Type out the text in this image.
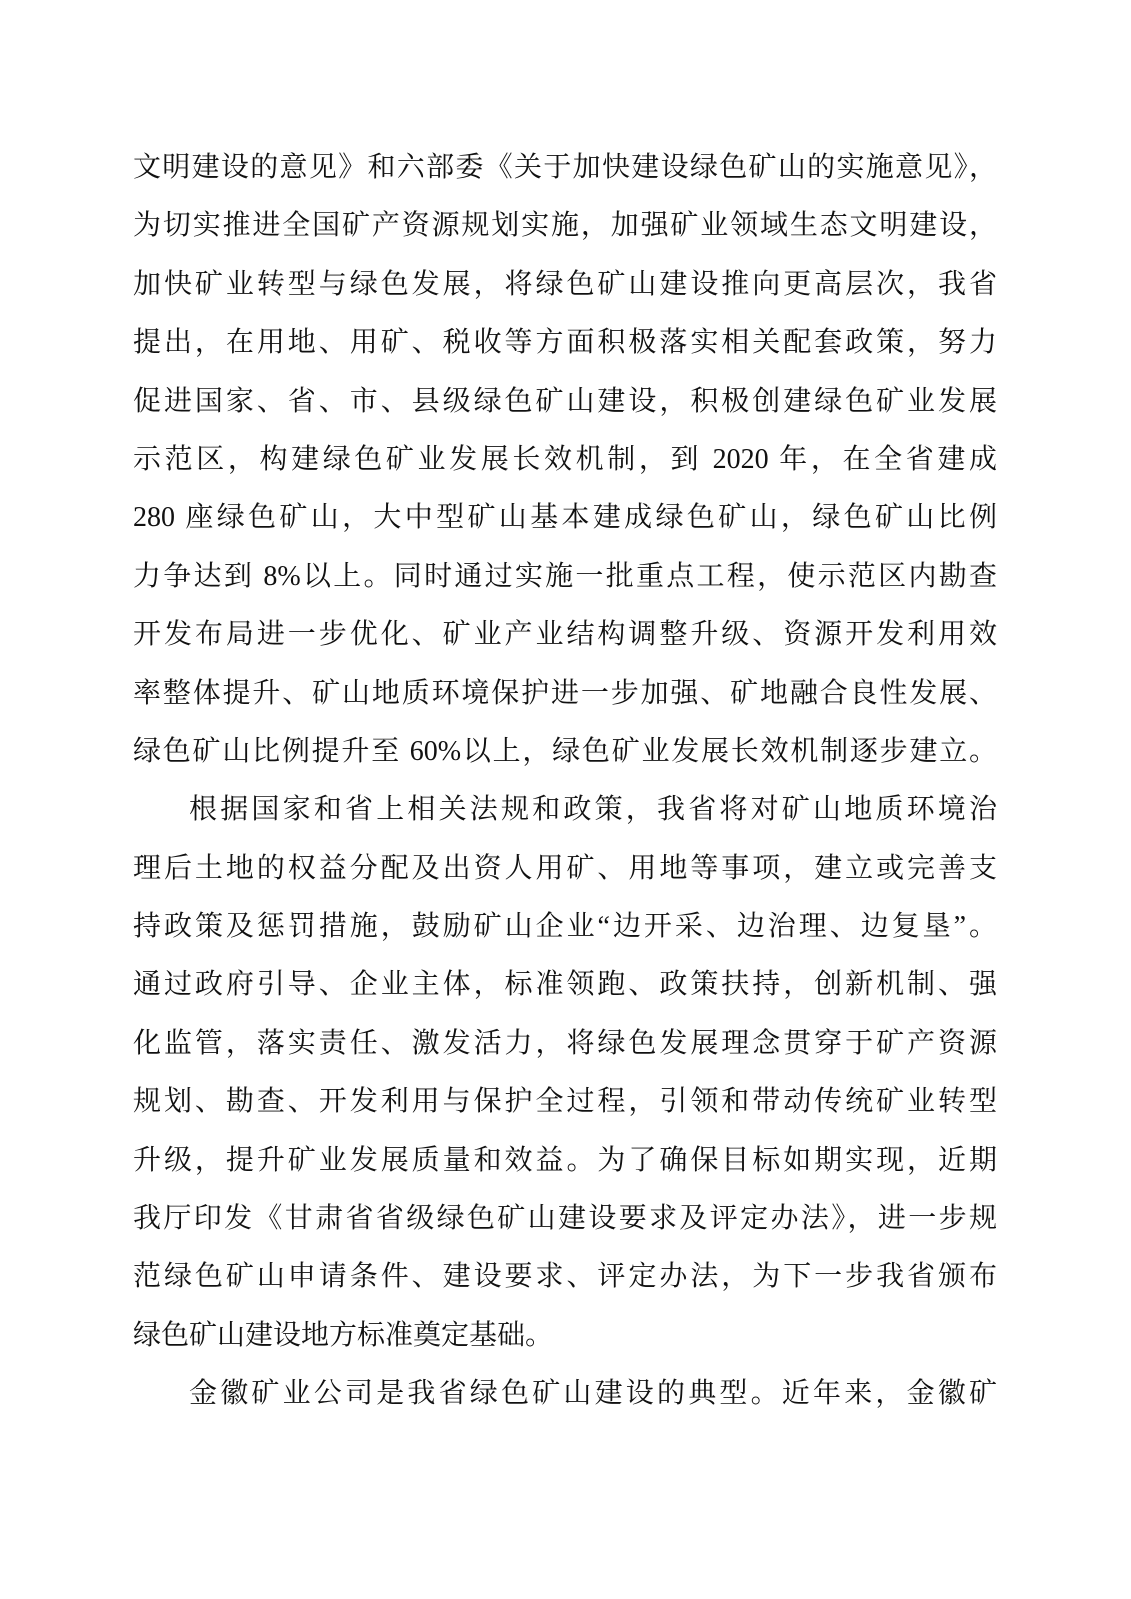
文明建设的意见》和六部委《关于加快建设绿色矿山的实施意见》，
为切实推进全国矿产资源规划实施，加强矿业领域生态文明建设，
加快矿业转型与绿色发展，将绿色矿山建设推向更高层次，我省
提出，在用地、用矿、税收等方面积极落实相关配套政策，努力
促进国家、省、市、县级绿色矿山建设，积极创建绿色矿业发展
示范区，构建绿色矿业发展长效机制，到 2020 年，在全省建成
280 座绿色矿山，大中型矿山基本建成绿色矿山，绿色矿山比例
力争达到 8%以上。同时通过实施一批重点工程，使示范区内勘查
开发布局进一步优化、矿业产业结构调整升级、资源开发利用效
率整体提升、矿山地质环境保护进一步加强、矿地融合良性发展、
绿色矿山比例提升至 60%以上，绿色矿业发展长效机制逐步建立。
根据国家和省上相关法规和政策，我省将对矿山地质环境治
理后土地的权益分配及出资人用矿、用地等事项，建立或完善支
持政策及惩罚措施，鼓励矿山企业“边开采、边治理、边复垦”。
通过政府引导、企业主体，标准领跑、政策扶持，创新机制、强
化监管，落实责任、激发活力，将绿色发展理念贯穿于矿产资源
规划、勘查、开发利用与保护全过程，引领和带动传统矿业转型
升级，提升矿业发展质量和效益。为了确保目标如期实现，近期
我厅印发《甘肃省省级绿色矿山建设要求及评定办法》，进一步规
范绿色矿山申请条件、建设要求、评定办法，为下一步我省颁布
绿色矿山建设地方标准奠定基础。
金徽矿业公司是我省绿色矿山建设的典型。近年来，金徽矿
